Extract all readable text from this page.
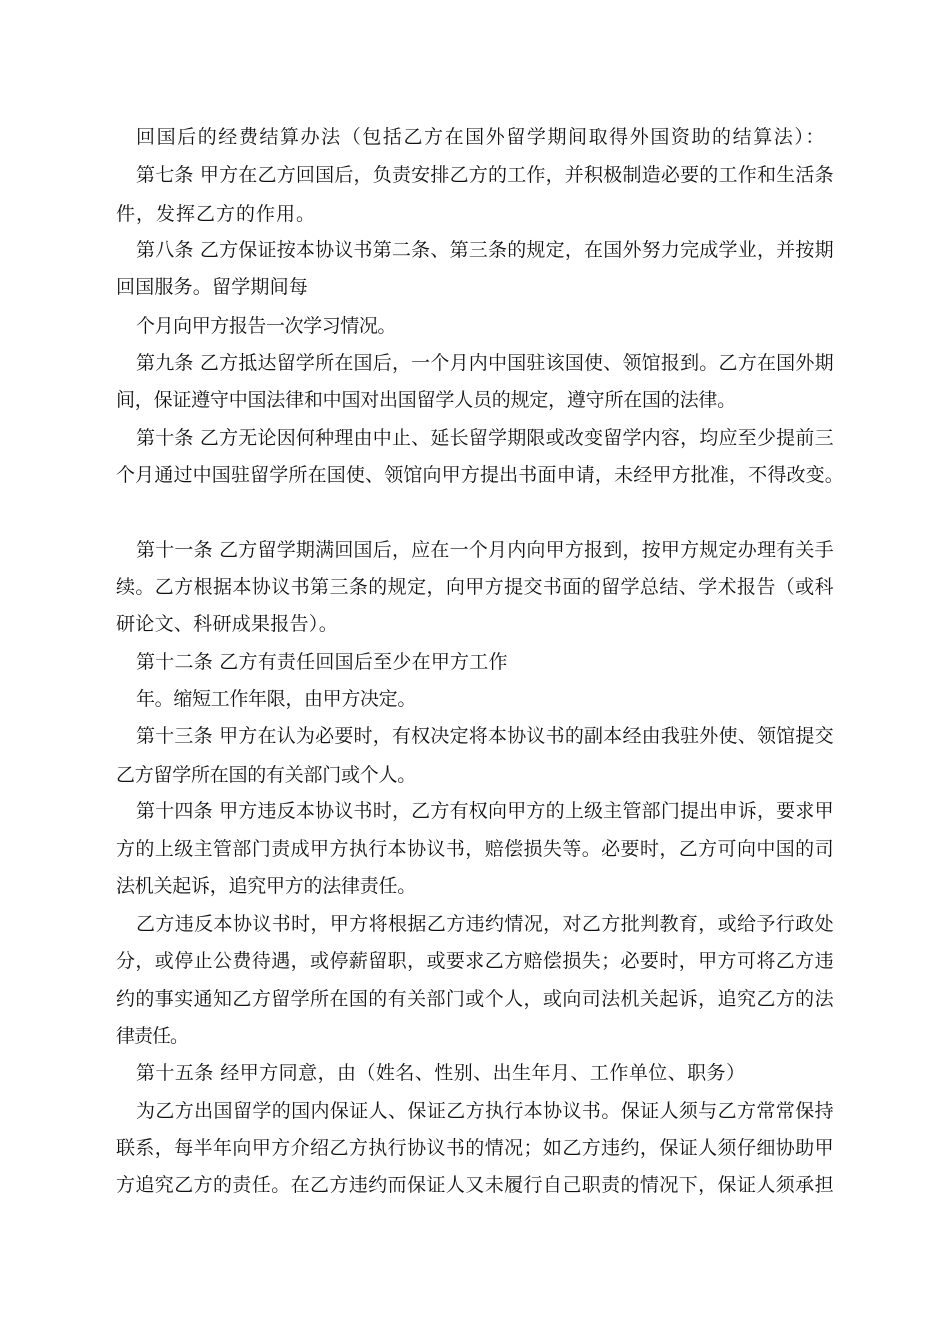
回国后的经费结算办法（包括乙方在国外留学期间取得外国资助的结算法）：

第七条 甲方在乙方回国后，负责安排乙方的工作，并积极制造必要的工作和生活条

件，发挥乙方的作用。

第八条 乙方保证按本协议书第二条、第三条的规定，在国外努力完成学业，并按期

回国服务。留学期间每

个月向甲方报告一次学习情况。

第九条 乙方抵达留学所在国后，一个月内中国驻该国使、领馆报到。乙方在国外期

间，保证遵守中国法律和中国对出国留学人员的规定，遵守所在国的法律。

第十条 乙方无论因何种理由中止、延长留学期限或改变留学内容，均应至少提前三

个月通过中国驻留学所在国使、领馆向甲方提出书面申请，未经甲方批准，不得改变。

第十一条 乙方留学期满回国后，应在一个月内向甲方报到，按甲方规定办理有关手

续。乙方根据本协议书第三条的规定，向甲方提交书面的留学总结、学术报告（或科

研论文、科研成果报告）。

第十二条 乙方有责任回国后至少在甲方工作

年。缩短工作年限，由甲方决定。

第十三条 甲方在认为必要时，有权决定将本协议书的副本经由我驻外使、领馆提交

乙方留学所在国的有关部门或个人。

第十四条 甲方违反本协议书时，乙方有权向甲方的上级主管部门提出申诉，要求甲

方的上级主管部门责成甲方执行本协议书，赔偿损失等。必要时，乙方可向中国的司

法机关起诉，追究甲方的法律责任。

乙方违反本协议书时，甲方将根据乙方违约情况，对乙方批判教育，或给予行政处

分，或停止公费待遇，或停薪留职，或要求乙方赔偿损失；必要时，甲方可将乙方违

约的事实通知乙方留学所在国的有关部门或个人，或向司法机关起诉，追究乙方的法

律责任。

第十五条 经甲方同意，由（姓名、性别、出生年月、工作单位、职务）

为乙方出国留学的国内保证人、保证乙方执行本协议书。保证人须与乙方常常保持

联系，每半年向甲方介绍乙方执行协议书的情况；如乙方违约，保证人须仔细协助甲

方追究乙方的责任。在乙方违约而保证人又未履行自己职责的情况下，保证人须承担
